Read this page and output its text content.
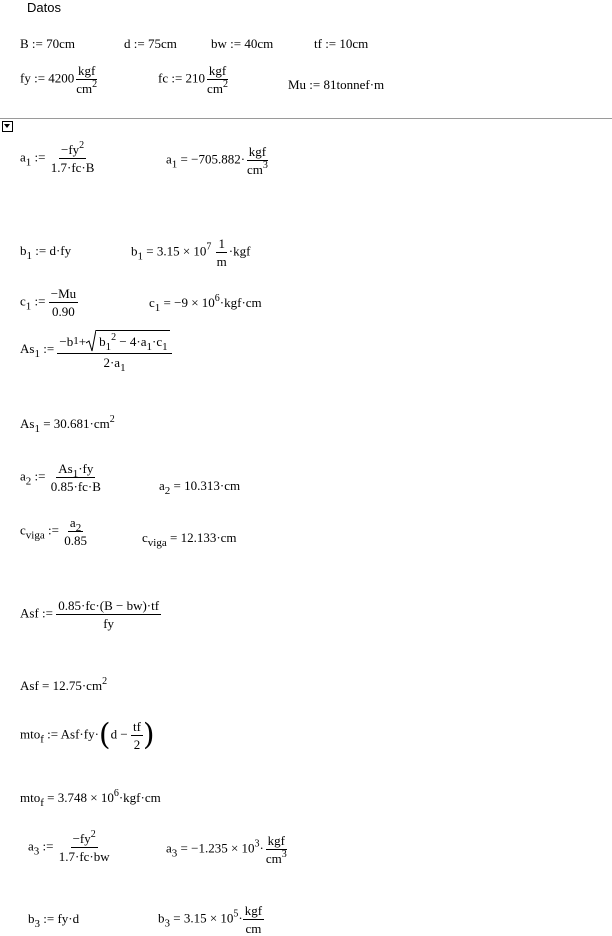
Datos
B := 70cm	d := 75cm	bw := 40cm	tf := 10cm
fy := $4200 \frac{\text{kgf}}{cm^2}$	fc := $210 \frac{\text{kgf}}{cm^2}$	Mu := 81tonnef·m
$a_1$ := $\frac{-fy^2}{1.7\cdot fc\cdot B}$	$a_1 = -705.882\cdot \frac{\text{kgf}}{cm^3}$
$b_1$ := d·fy	$b_1 = 3.15 \times 10^7 \frac{1}{m} \cdot kgf$
$c_1$ := $\frac{-Mu}{0.90}$	$c_1 = -9 \times 10^6\cdot kgf\cdot cm$
$As_1$ := $\frac{-b 1 + b_1^2 - 4\cdot a_1\cdot c_1}{2\cdot a_1}$
$As_1 = 30.681\cdot cm^2$
$a_2$ := $\frac{As_1\cdot fy}{0.85\cdot fc\cdot B}$	$a_2 = 10.313\cdot cm$
$c_{viga}$ := $\frac{a_2}{0.85}$	$c_{viga} = 12.133\cdot cm$
Asf := $\frac{0.85\cdot fc\cdot(B - bw)\cdot tf}{fy}$
Asf = $12.75\cdot cm^2$
mto$_f$ := $Asf\cdot fy\cdot(d - \frac{tf}{2}$ )
$mto_f = 3.748 \times 10^6\cdot kgf\cdot cm$
$a_3$ := $\frac{-fy^2}{1.7\cdot fc\cdot bw}$	$a_3 = -1.235 \times 10^3\cdot \frac{\text{kgf}}{cm^3}$
$b_3$ := fy·d	$b_3 = 3.15 \times 10^5\cdot \frac{\text{kgf}}{cm}$
